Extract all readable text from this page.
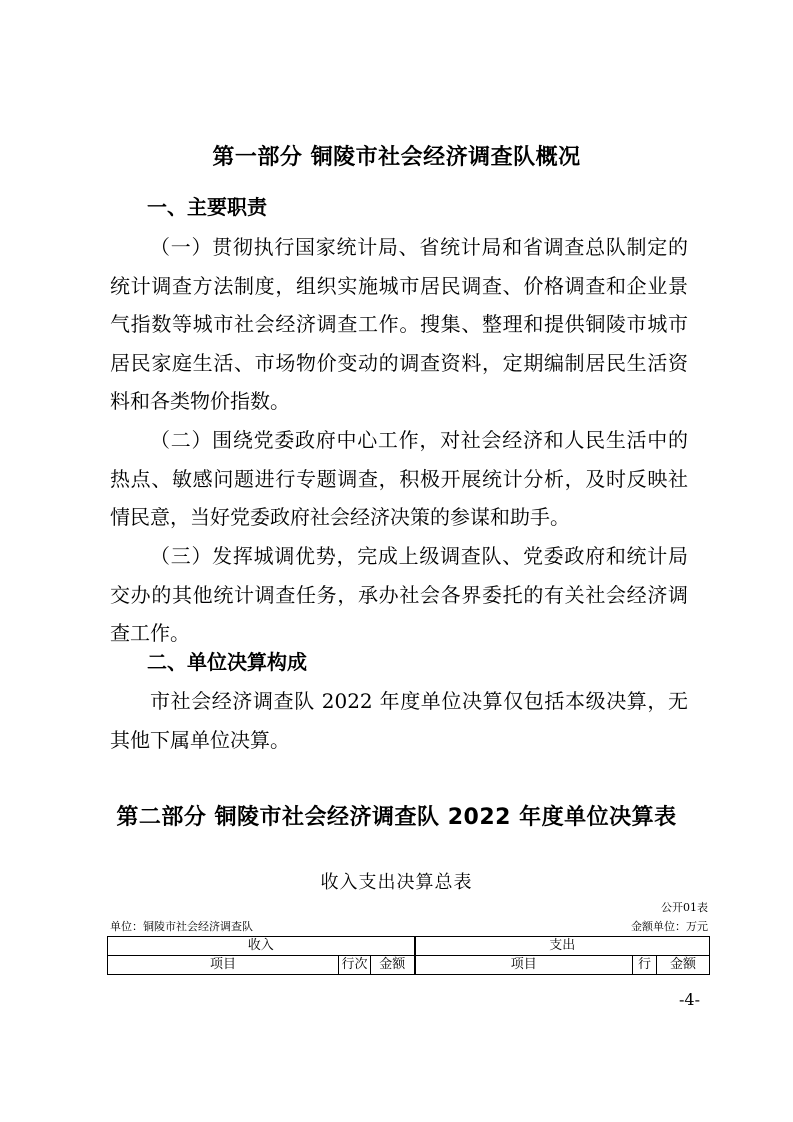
第一部分 铜陵市社会经济调查队概况
一、主要职责

（一）贯彻执行国家统计局、省统计局和省调查总队制定的统计调查方法制度，组织实施城市居民调查、价格调查和企业景气指数等城市社会经济调查工作。搜集、整理和提供铜陵市城市居民家庭生活、市场物价变动的调查资料，定期编制居民生活资料和各类物价指数。

（二）围绕党委政府中心工作，对社会经济和人民生活中的热点、敏感问题进行专题调查，积极开展统计分析，及时反映社情民意，当好党委政府社会经济决策的参谋和助手。

（三）发挥城调优势，完成上级调查队、党委政府和统计局交办的其他统计调查任务，承办社会各界委托的有关社会经济调查工作。

二、单位决算构成

市社会经济调查队 2022 年度单位决算仅包括本级决算，无其他下属单位决算。

第二部分 铜陵市社会经济调查队 2022 年度单位决算表
收入支出决算总表
公开01表
单位：铜陵市社会经济调查队	金额单位：万元
收入			支出		
项目	行次	金额	项目	行	金额
-4-
